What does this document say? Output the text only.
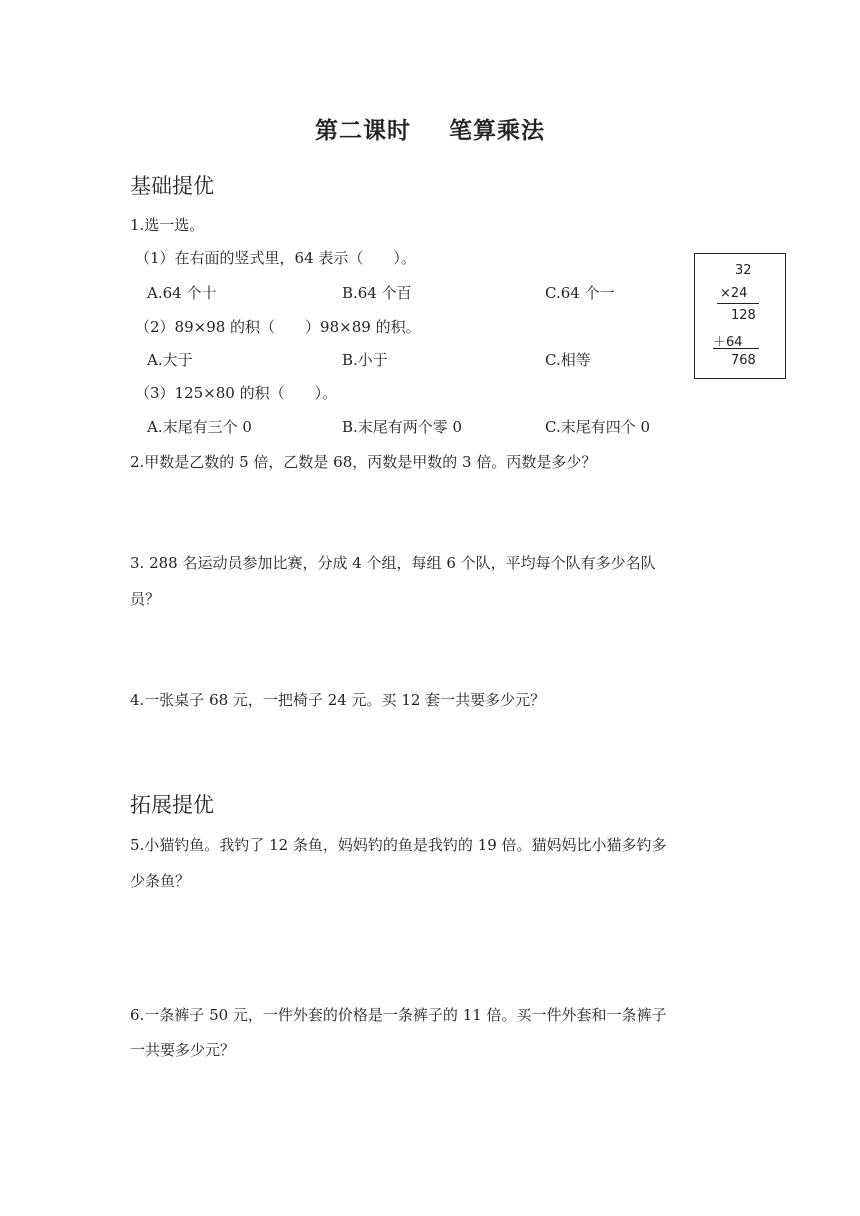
第二课时 笔算乘法
基础提优
1.选一选。
（1）在右面的竖式里，64 表示（　　）。
A.64 个十	B.64 个百	C.64 个一
（2）89×98 的积（　　）98×89 的积。
A.大于	B.小于	C.相等
（3）125×80 的积（　　）。
A.末尾有三个 0	B.末尾有两个零 0	C.末尾有四个 0
32
×24
128
＋64
768
2.甲数是乙数的 5 倍，乙数是 68，丙数是甲数的 3 倍。丙数是多少？
3. 288 名运动员参加比赛，分成 4 个组，每组 6 个队，平均每个队有多少名队
员？
4.一张桌子 68 元，一把椅子 24 元。买 12 套一共要多少元？
拓展提优
5.小猫钓鱼。我钓了 12 条鱼，妈妈钓的鱼是我钓的 19 倍。猫妈妈比小猫多钓多
少条鱼？
6.一条裤子 50 元，一件外套的价格是一条裤子的 11 倍。买一件外套和一条裤子
一共要多少元？
